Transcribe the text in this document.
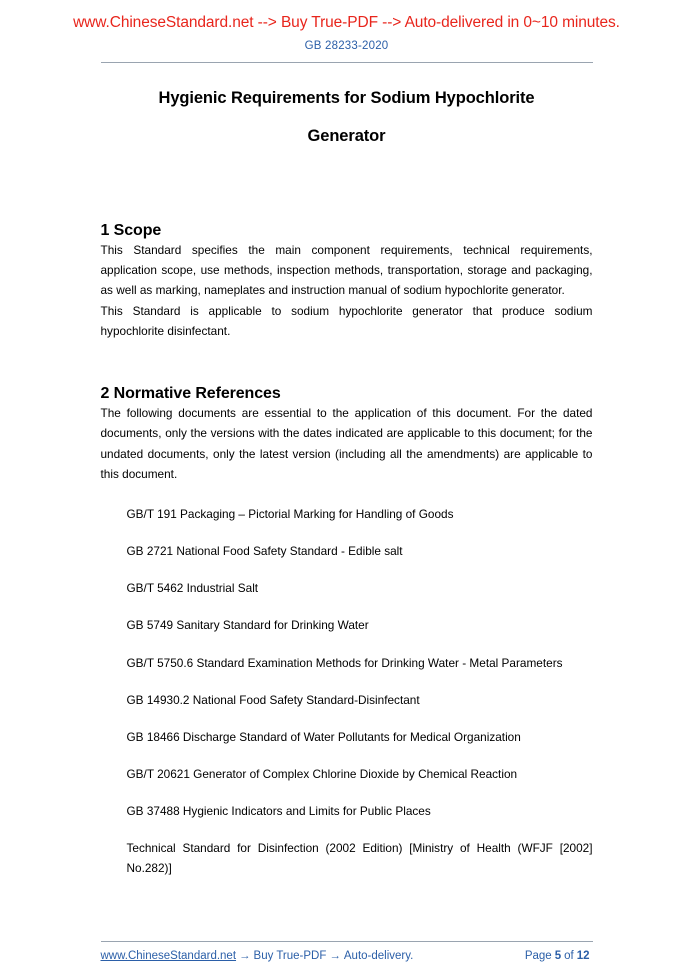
www.ChineseStandard.net --> Buy True-PDF --> Auto-delivered in 0~10 minutes.
GB 28233-2020
Hygienic Requirements for Sodium Hypochlorite
Generator
1 Scope

This Standard specifies the main component requirements, technical requirements, application scope, use methods, inspection methods, transportation, storage and packaging, as well as marking, nameplates and instruction manual of sodium hypochlorite generator.

This Standard is applicable to sodium hypochlorite generator that produce sodium hypochlorite disinfectant.

2 Normative References

The following documents are essential to the application of this document. For the dated documents, only the versions with the dates indicated are applicable to this document; for the undated documents, only the latest version (including all the amendments) are applicable to this document.

GB/T 191 Packaging – Pictorial Marking for Handling of Goods

GB 2721 National Food Safety Standard - Edible salt

GB/T 5462 Industrial Salt

GB 5749 Sanitary Standard for Drinking Water

GB/T 5750.6 Standard Examination Methods for Drinking Water - Metal Parameters

GB 14930.2 National Food Safety Standard-Disinfectant

GB 18466 Discharge Standard of Water Pollutants for Medical Organization

GB/T 20621 Generator of Complex Chlorine Dioxide by Chemical Reaction

GB 37488 Hygienic Indicators and Limits for Public Places

Technical Standard for Disinfection (2002 Edition) [Ministry of Health (WFJF [2002] No.282)]

www.ChineseStandard.net → Buy True-PDF → Auto-delivery.	Page 5 of 12
